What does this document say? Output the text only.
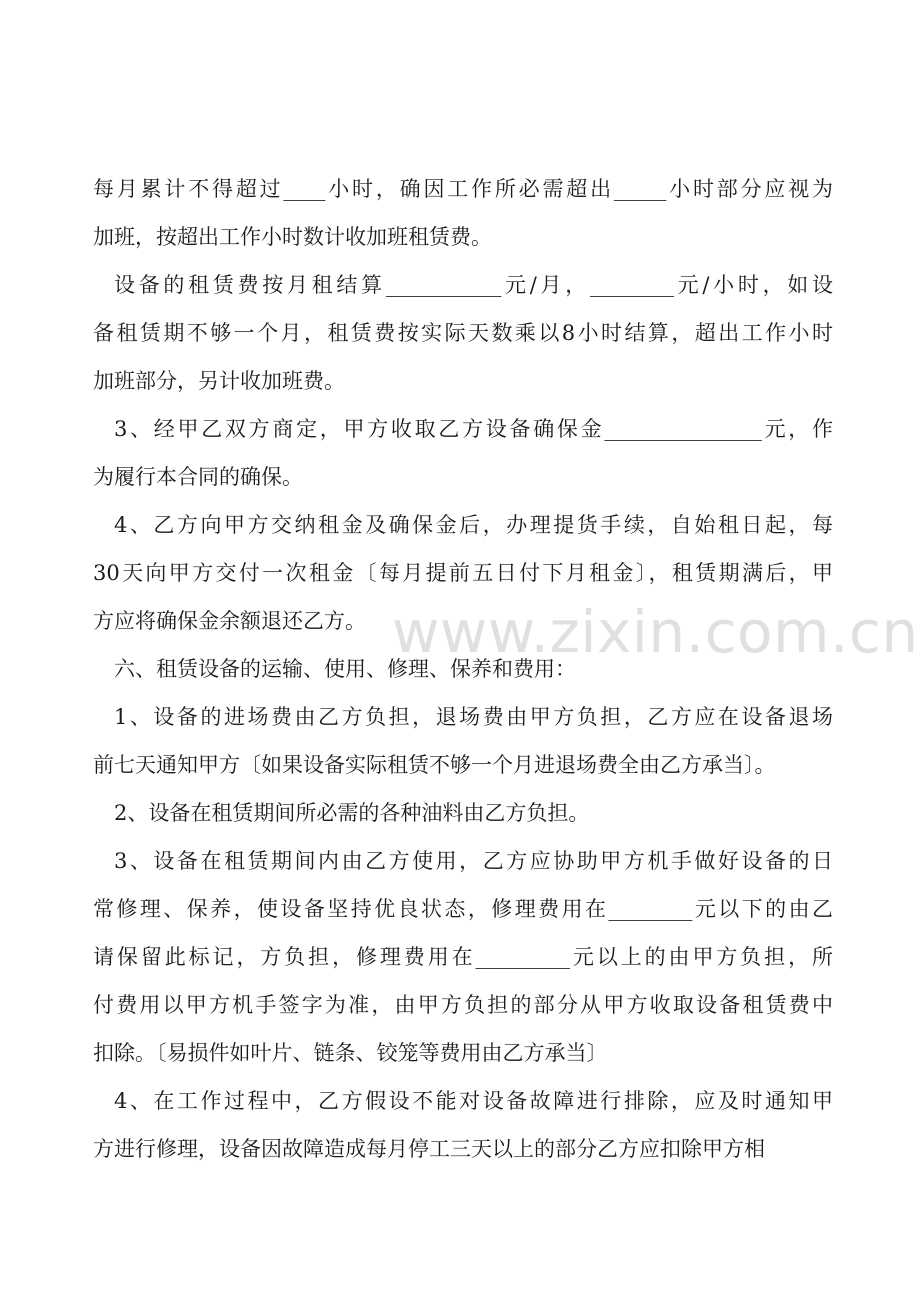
每月累计不得超过____小时，确因工作所必需超出_____小时部分应视为
加班，按超出工作小时数计收加班租赁费。
设备的租赁费按月租结算___________元/月，________元/小时，如设
备租赁期不够一个月，租赁费按实际天数乘以8小时结算，超出工作小时
加班部分，另计收加班费。
3、经甲乙双方商定，甲方收取乙方设备确保金_______________元，作
为履行本合同的确保。
4、乙方向甲方交纳租金及确保金后，办理提货手续，自始租日起，每
30天向甲方交付一次租金〔每月提前五日付下月租金〕，租赁期满后，甲
方应将确保金余额退还乙方。
六、租赁设备的运输、使用、修理、保养和费用：
1、设备的进场费由乙方负担，退场费由甲方负担，乙方应在设备退场
前七天通知甲方〔如果设备实际租赁不够一个月进退场费全由乙方承当〕。
2、设备在租赁期间所必需的各种油料由乙方负担。
3、设备在租赁期间内由乙方使用，乙方应协助甲方机手做好设备的日
常修理、保养，使设备坚持优良状态，修理费用在________元以下的由乙
请保留此标记，方负担，修理费用在_________元以上的由甲方负担，所
付费用以甲方机手签字为准，由甲方负担的部分从甲方收取设备租赁费中
扣除。〔易损件如叶片、链条、铰笼等费用由乙方承当〕
4、在工作过程中，乙方假设不能对设备故障进行排除，应及时通知甲
方进行修理，设备因故障造成每月停工三天以上的部分乙方应扣除甲方相
www.zixin.com.cn
